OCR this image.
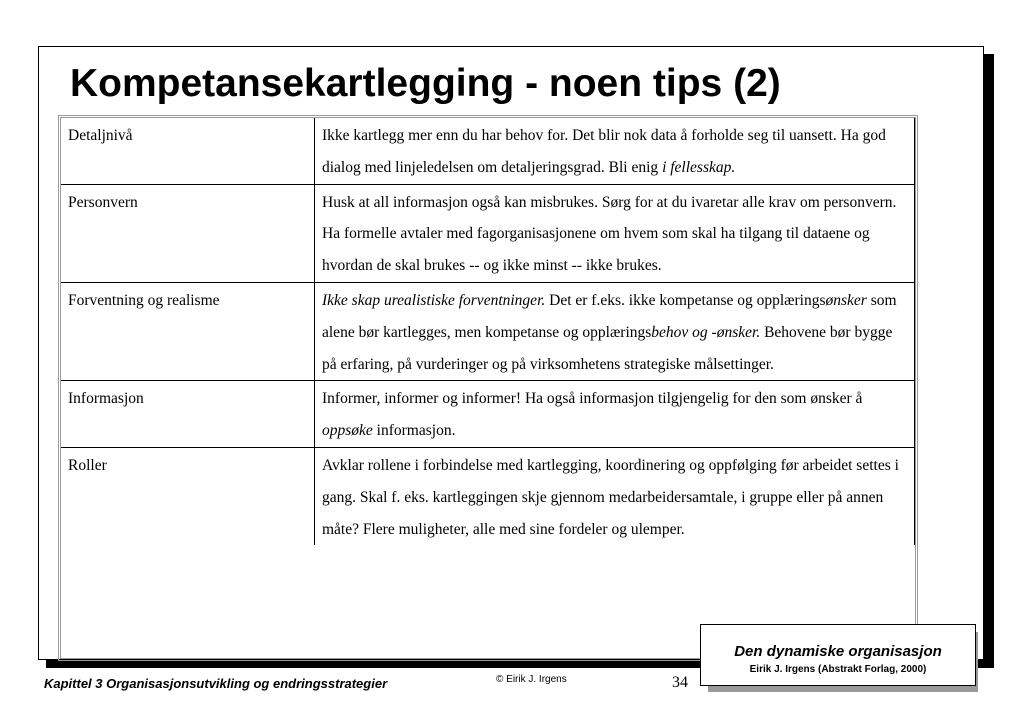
Kompetansekartlegging - noen tips (2)
Detaljnivå	Ikke kartlegg mer enn du har behov for. Det blir nok data å forholde seg til uansett. Ha god dialog med linjeledelsen om detaljeringsgrad. Bli enig i fellesskap.
Personvern	Husk at all informasjon også kan misbrukes. Sørg for at du ivaretar alle krav om personvern. Ha formelle avtaler med fagorganisasjonene om hvem som skal ha tilgang til dataene og hvordan de skal brukes -- og ikke minst -- ikke brukes.
Forventning og realisme	Ikke skap urealistiske forventninger. Det er f.eks. ikke kompetanse og opplæringsønsker som alene bør kartlegges, men kompetanse og opplæringsbehov og -ønsker. Behovene bør bygge på erfaring, på vurderinger og på virksomhetens strategiske målsettinger.
Informasjon	Informer, informer og informer! Ha også informasjon tilgjengelig for den som ønsker å oppsøke informasjon.
Roller	Avklar rollene i forbindelse med kartlegging, koordinering og oppfølging før arbeidet settes i gang. Skal f. eks. kartleggingen skje gjennom medarbeidersamtale, i gruppe eller på annen måte? Flere muligheter, alle med sine fordeler og ulemper.
Den dynamiske organisasjon
Eirik J. Irgens (Abstrakt Forlag, 2000)
Kapittel 3 Organisasjonsutvikling og endringsstrategier	© Eirik J. Irgens	34
